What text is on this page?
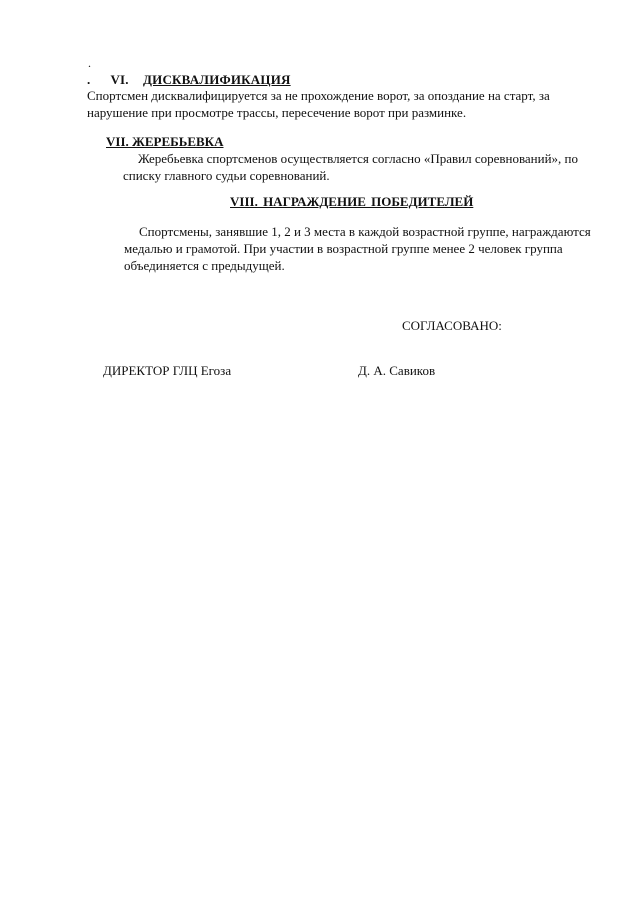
.
. VI. ДИСКВАЛИФИКАЦИЯ
Спортсмен дисквалифицируется за не прохождение ворот, за опоздание на старт, за
нарушение при просмотре трассы, пересечение ворот при разминке.
VII. ЖЕРЕБЬЕВКА
Жеребьевка спортсменов осуществляется согласно «Правил соревнований», по
списку главного судьи соревнований.
VIII. НАГРАЖДЕНИЕ ПОБЕДИТЕЛЕЙ
Спортсмены, занявшие 1, 2 и 3 места в каждой возрастной группе, награждаются
медалью и грамотой. При участии в возрастной группе менее 2 человек группа
объединяется с предыдущей.
СОГЛАСОВАНО:
ДИРЕКТОР ГЛЦ Егоза	Д. А. Савиков
